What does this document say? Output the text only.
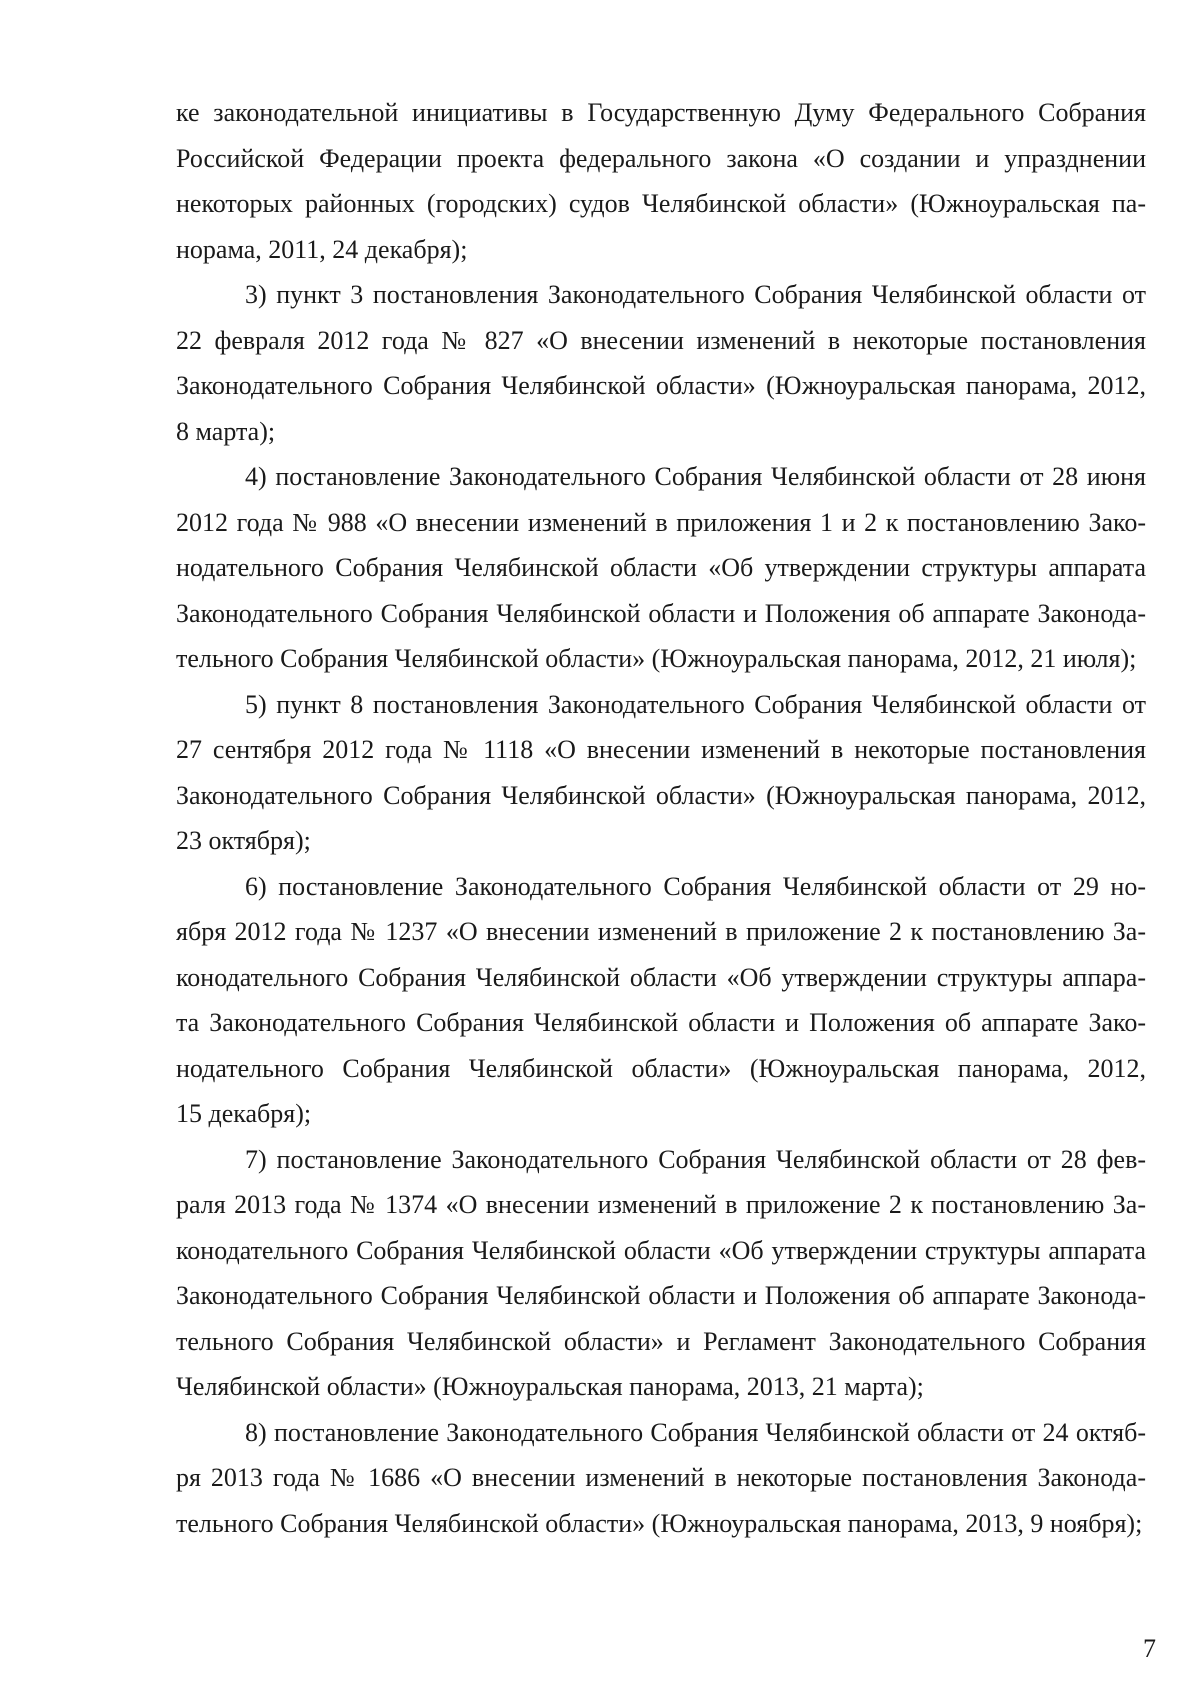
ке законодательной инициативы в Государственную Думу Федерального Собрания
Российской Федерации проекта федерального закона «О создании и упразднении
некоторых районных (городских) судов Челябинской области» (Южноуральская па-
норама, 2011, 24 декабря);
3) пункт 3 постановления Законодательного Собрания Челябинской области от
22 февраля 2012 года № 827 «О внесении изменений в некоторые постановления
Законодательного Собрания Челябинской области» (Южноуральская панорама, 2012,
8 марта);
4) постановление Законодательного Собрания Челябинской области от 28 июня
2012 года № 988 «О внесении изменений в приложения 1 и 2 к постановлению Зако-
нодательного Собрания Челябинской области «Об утверждении структуры аппарата
Законодательного Собрания Челябинской области и Положения об аппарате Законода-
тельного Собрания Челябинской области» (Южноуральская панорама, 2012, 21 июля);
5) пункт 8 постановления Законодательного Собрания Челябинской области от
27 сентября 2012 года № 1118 «О внесении изменений в некоторые постановления
Законодательного Собрания Челябинской области» (Южноуральская панорама, 2012,
23 октября);
6) постановление Законодательного Собрания Челябинской области от 29 но-
ября 2012 года № 1237 «О внесении изменений в приложение 2 к постановлению За-
конодательного Собрания Челябинской области «Об утверждении структуры аппара-
та Законодательного Собрания Челябинской области и Положения об аппарате Зако-
нодательного Собрания Челябинской области» (Южноуральская панорама, 2012,
15 декабря);
7) постановление Законодательного Собрания Челябинской области от 28 фев-
раля 2013 года № 1374 «О внесении изменений в приложение 2 к постановлению За-
конодательного Собрания Челябинской области «Об утверждении структуры аппарата
Законодательного Собрания Челябинской области и Положения об аппарате Законода-
тельного Собрания Челябинской области» и Регламент Законодательного Собрания
Челябинской области» (Южноуральская панорама, 2013, 21 марта);
8) постановление Законодательного Собрания Челябинской области от 24 октяб-
ря 2013 года № 1686 «О внесении изменений в некоторые постановления Законода-
тельного Собрания Челябинской области» (Южноуральская панорама, 2013, 9 ноября);
7
